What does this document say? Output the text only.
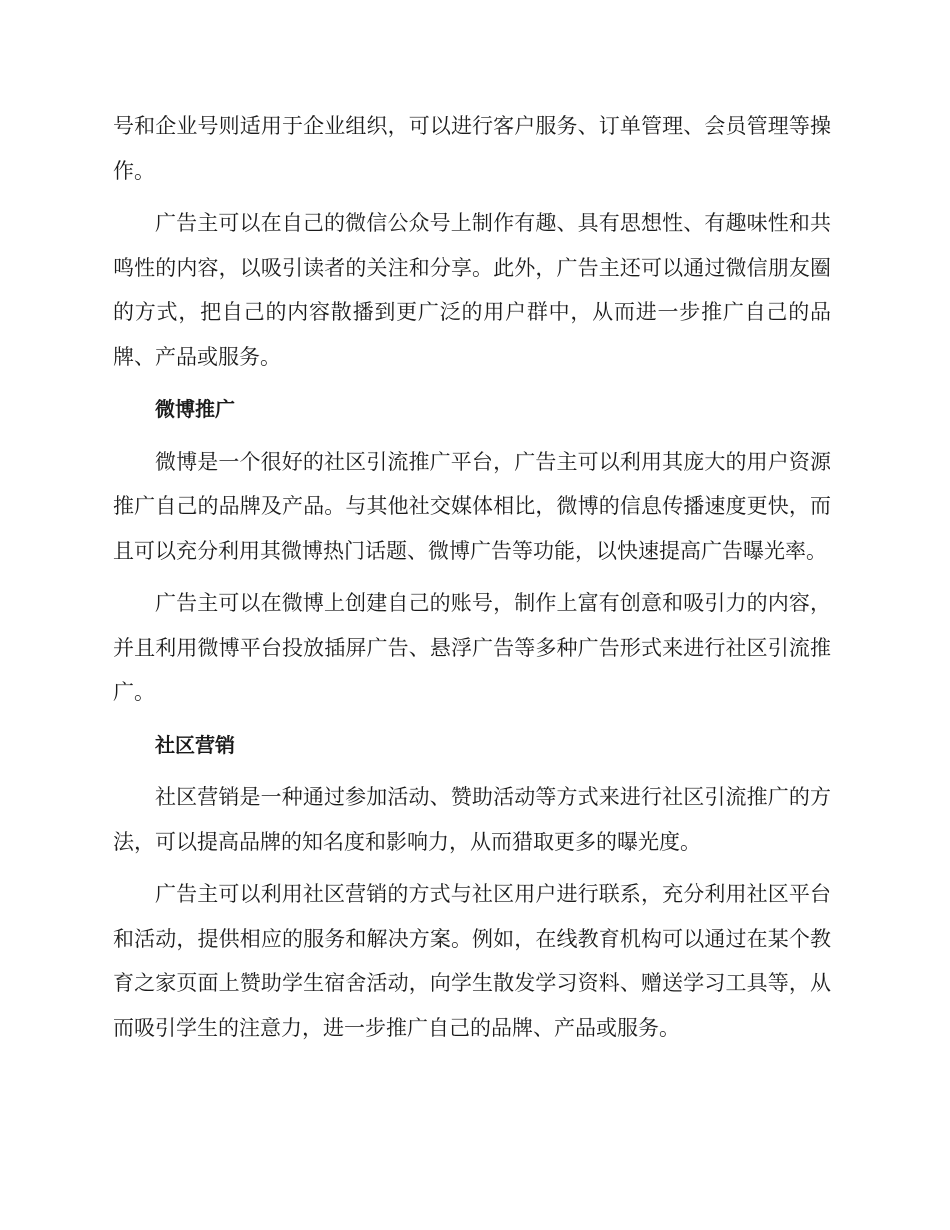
号和企业号则适用于企业组织，可以进行客户服务、订单管理、会员管理等操作。

广告主可以在自己的微信公众号上制作有趣、具有思想性、有趣味性和共鸣性的内容，以吸引读者的关注和分享。此外，广告主还可以通过微信朋友圈的方式，把自己的内容散播到更广泛的用户群中，从而进一步推广自己的品牌、产品或服务。

微博推广

微博是一个很好的社区引流推广平台，广告主可以利用其庞大的用户资源推广自己的品牌及产品。与其他社交媒体相比，微博的信息传播速度更快，而且可以充分利用其微博热门话题、微博广告等功能，以快速提高广告曝光率。

广告主可以在微博上创建自己的账号，制作上富有创意和吸引力的内容，并且利用微博平台投放插屏广告、悬浮广告等多种广告形式来进行社区引流推广。

社区营销

社区营销是一种通过参加活动、赞助活动等方式来进行社区引流推广的方法，可以提高品牌的知名度和影响力，从而猎取更多的曝光度。

广告主可以利用社区营销的方式与社区用户进行联系，充分利用社区平台和活动，提供相应的服务和解决方案。例如，在线教育机构可以通过在某个教育之家页面上赞助学生宿舍活动，向学生散发学习资料、赠送学习工具等，从而吸引学生的注意力，进一步推广自己的品牌、产品或服务。
